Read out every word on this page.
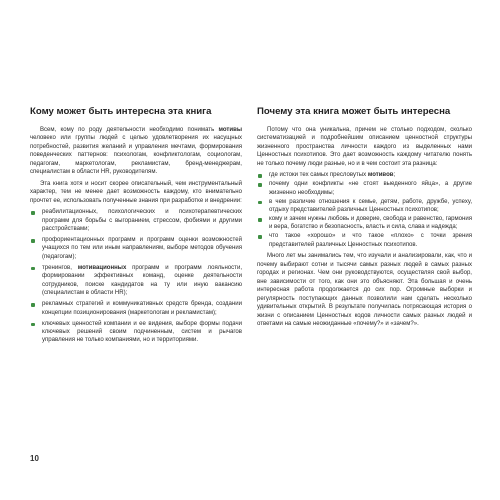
Кому может быть интересна эта книга

Всем, кому по роду деятельности необходимо понимать мотивы человеко или группы людей с целью удовлетворения их насущных потребностей, развития желаний и управления мечтами, формирования поведенческих паттернов: психологам, конфликтологам, социологам, педагогам, маркетологам, рекламистам, бренд-менеджерам, специалистам в области HR, руководителям.

Эта книга хотя и носит скорее описательный, чем инструментальный характер, тем не менее дает возможность каждому, кто внимательно прочтет ее, использовать полученные знания при разработке и внедрении:

реабилитационных, психологических и психотерапевтических программ для борьбы с выгоранием, стрессом, фобиями и другими расстройствами;
профориентационных программ и программ оценки возможностей учащихся по тем или иным направлениям, выборе методов обучения (педагогам);
тренингов, мотивационных программ и программ лояльности, формировании эффективных команд, оценке деятельности сотрудников, поиске кандидатов на ту или иную вакансию (специалистам в области HR);
рекламных стратегий и коммуникативных средств бренда, создании концепции позиционирования (маркетологам и рекламистам);
ключевых ценностей компании и ее видения, выборе формы подачи ключевых решений своим подчиненным, систем и рычагов управления не только компаниями, но и территориями.
Почему эта книга может быть интересна

Потому что она уникальна, причем не столько подходом, сколько систематизацией и подробнейшим описанием ценностной структуры жизненного пространства личности каждого из выделенных нами Ценностных психотипов. Это дает возможность каждому читателю понять не только почему люди разные, но и в чем состоит эта разница:

где истоки тех самых пресловутых мотивов;
почему одни конфликты «не стоят выеденного яйца», а другие жизненно необходимы;
в чем различие отношения к семье, детям, работе, дружбе, успеху, отдыху представителей различных Ценностных психотипов;
кому и зачем нужны любовь и доверие, свобода и равенство, гармония и вера, богатство и безопасность, власть и сила, слава и надежда;
что такое «хорошо» и что такое «плохо» с точки зрения представителей различных Ценностных психотипов.

Много лет мы занимались тем, что изучали и анализировали, как, что и почему выбирают сотни и тысячи самых разных людей в самых разных городах и регионах. Чем они руководствуются, осуществляя свой выбор, вне зависимости от того, как они это объясняют. Эта большая и очень интересная работа продолжается до сих пор. Огромные выборки и регулярность поступающих данных позволили нам сделать несколько удивительных открытий. В результате получилась потрясающая история о жизни с описанием Ценностных кодов личности самых разных людей и ответами на самые неожиданные «почему?» и «зачем?».

10
